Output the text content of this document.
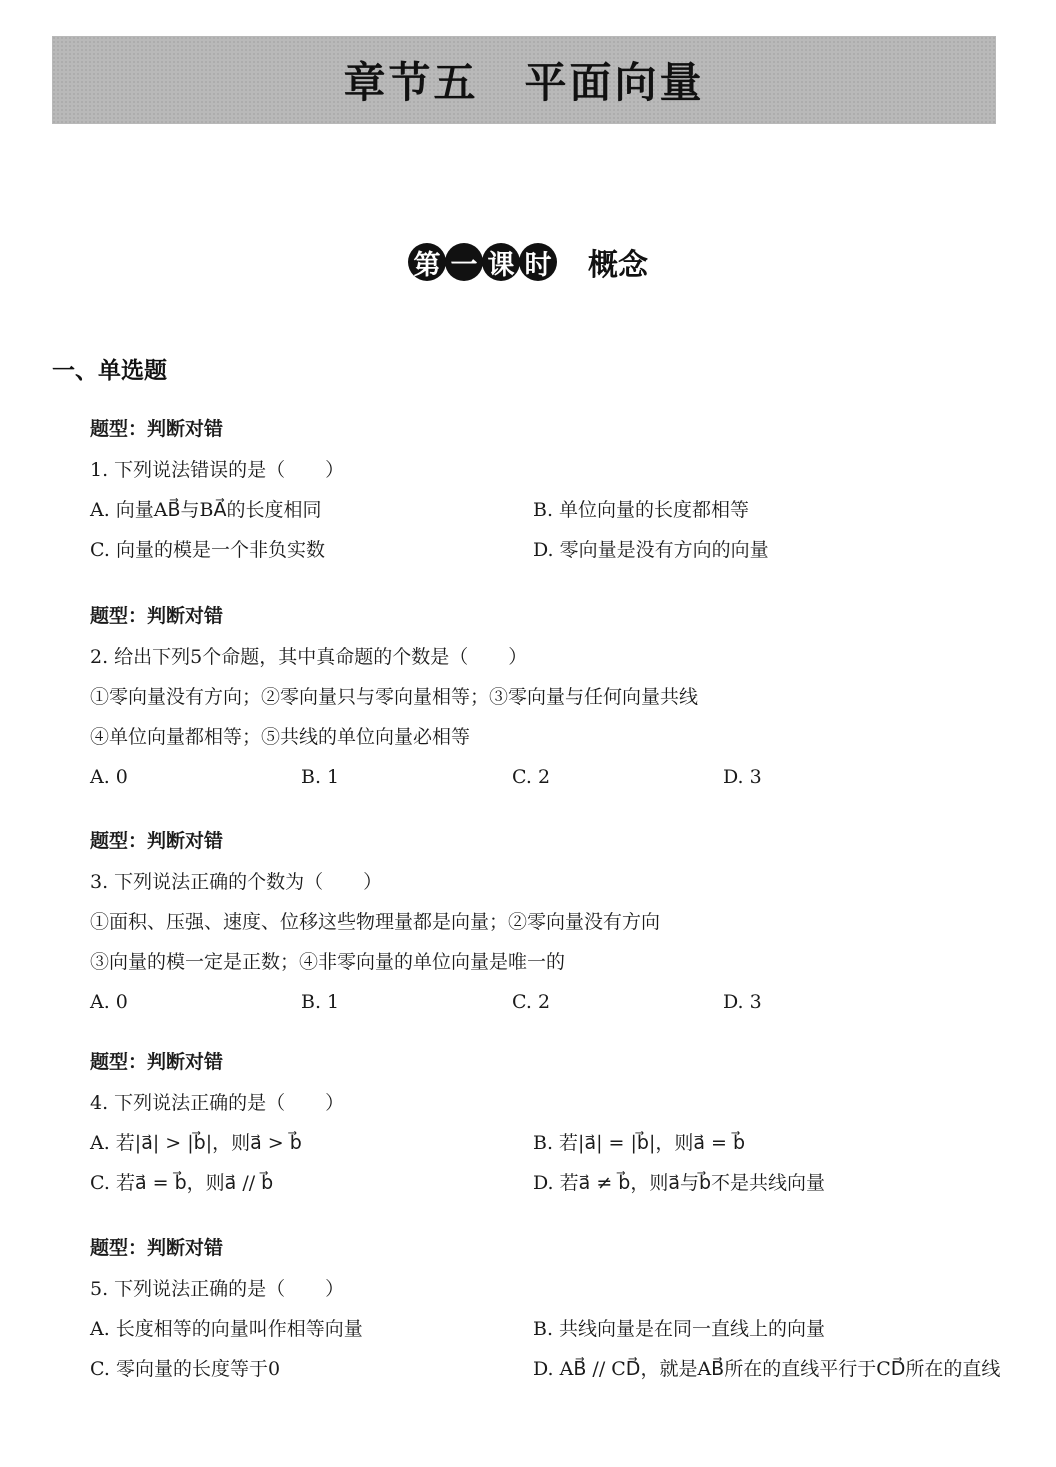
章节五 平面向量
第 一 课 时 概念
一、单选题
题型：判断对错
1. 下列说法错误的是（ ）
A. 向量AB⃗与BA⃗的长度相同	B. 单位向量的长度都相等
C. 向量的模是一个非负实数	D. 零向量是没有方向的向量
题型：判断对错
2. 给出下列5个命题，其中真命题的个数是（ ）
①零向量没有方向；②零向量只与零向量相等；③零向量与任何向量共线
④单位向量都相等；⑤共线的单位向量必相等
A. 0	B. 1	C. 2	D. 3
题型：判断对错
3. 下列说法正确的个数为（ ）
①面积、压强、速度、位移这些物理量都是向量；②零向量没有方向
③向量的模一定是正数；④非零向量的单位向量是唯一的
A. 0	B. 1	C. 2	D. 3
题型：判断对错
4. 下列说法正确的是（ ）
A. 若|a⃗| > |b⃗|，则a⃗ > b⃗	B. 若|a⃗| = |b⃗|，则a⃗ = b⃗
C. 若a⃗ = b⃗，则a⃗ // b⃗	D. 若a⃗ ≠ b⃗，则a⃗与b⃗不是共线向量
题型：判断对错
5. 下列说法正确的是（ ）
A. 长度相等的向量叫作相等向量	B. 共线向量是在同一直线上的向量
C. 零向量的长度等于0	D. AB⃗ // CD⃗，就是AB⃗所在的直线平行于CD⃗所在的直线
